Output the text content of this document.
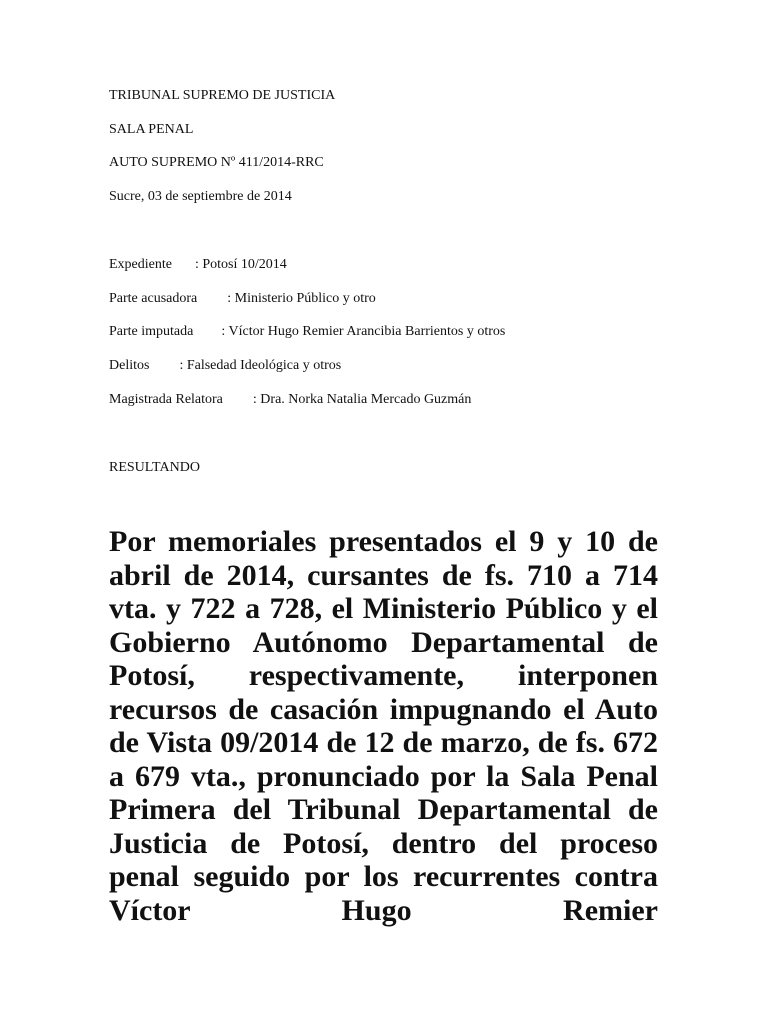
TRIBUNAL SUPREMO DE JUSTICIA

SALA PENAL

AUTO SUPREMO Nº 411/2014-RRC

Sucre, 03 de septiembre de 2014

Expediente : Potosí 10/2014
Parte acusadora : Ministerio Público y otro
Parte imputada : Víctor Hugo Remier Arancibia Barrientos y otros
Delitos : Falsedad Ideológica y otros
Magistrada Relatora : Dra. Norka Natalia Mercado Guzmán

RESULTANDO

Por memoriales presentados el 9 y 10 de abril de 2014, cursantes de fs. 710 a 714 vta. y 722 a 728, el Ministerio Público y el Gobierno Autónomo Departamental de Potosí, respectivamente, interponen recursos de casación impugnando el Auto de Vista 09/2014 de 12 de marzo, de fs. 672 a 679 vta., pronunciado por la Sala Penal Primera del Tribunal Departamental de Justicia de Potosí, dentro del proceso penal seguido por los recurrentes contra Víctor Hugo Remier
